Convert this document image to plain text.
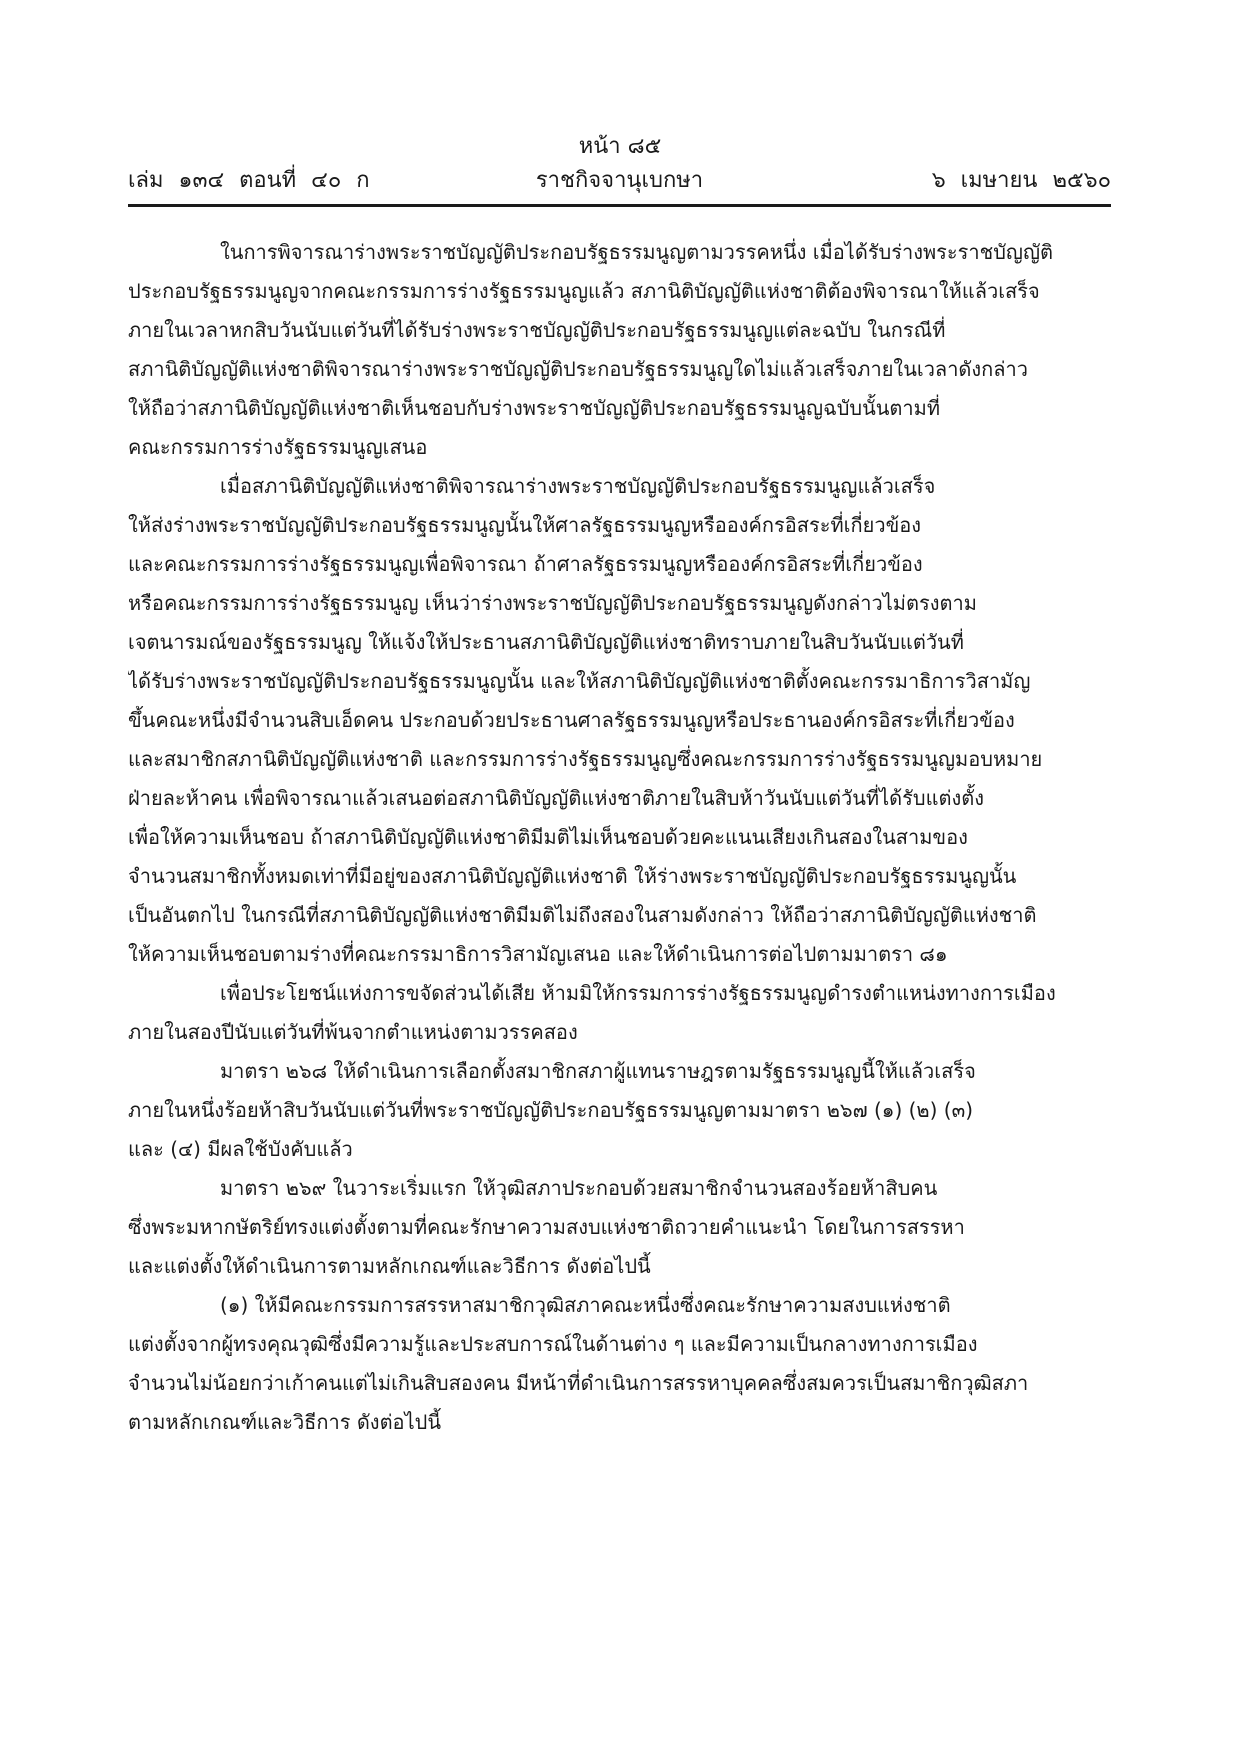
หน้า ๘๕
เล่ม ๑๓๔ ตอนที่ ๔๐ ก	ราชกิจจานุเบกษา	๖ เมษายน ๒๕๖๐
ในการพิจารณาร่างพระราชบัญญัติประกอบรัฐธรรมนูญตามวรรคหนึ่ง เมื่อได้รับร่างพระราชบัญญัติ
ประกอบรัฐธรรมนูญจากคณะกรรมการร่างรัฐธรรมนูญแล้ว สภานิติบัญญัติแห่งชาติต้องพิจารณาให้แล้วเสร็จ
ภายในเวลาหกสิบวันนับแต่วันที่ได้รับร่างพระราชบัญญัติประกอบรัฐธรรมนูญแต่ละฉบับ ในกรณีที่
สภานิติบัญญัติแห่งชาติพิจารณาร่างพระราชบัญญัติประกอบรัฐธรรมนูญใดไม่แล้วเสร็จภายในเวลาดังกล่าว
ให้ถือว่าสภานิติบัญญัติแห่งชาติเห็นชอบกับร่างพระราชบัญญัติประกอบรัฐธรรมนูญฉบับนั้นตามที่
คณะกรรมการร่างรัฐธรรมนูญเสนอ
เมื่อสภานิติบัญญัติแห่งชาติพิจารณาร่างพระราชบัญญัติประกอบรัฐธรรมนูญแล้วเสร็จ
ให้ส่งร่างพระราชบัญญัติประกอบรัฐธรรมนูญนั้นให้ศาลรัฐธรรมนูญหรือองค์กรอิสระที่เกี่ยวข้อง
และคณะกรรมการร่างรัฐธรรมนูญเพื่อพิจารณา ถ้าศาลรัฐธรรมนูญหรือองค์กรอิสระที่เกี่ยวข้อง
หรือคณะกรรมการร่างรัฐธรรมนูญ เห็นว่าร่างพระราชบัญญัติประกอบรัฐธรรมนูญดังกล่าวไม่ตรงตาม
เจตนารมณ์ของรัฐธรรมนูญ ให้แจ้งให้ประธานสภานิติบัญญัติแห่งชาติทราบภายในสิบวันนับแต่วันที่
ได้รับร่างพระราชบัญญัติประกอบรัฐธรรมนูญนั้น และให้สภานิติบัญญัติแห่งชาติตั้งคณะกรรมาธิการวิสามัญ
ขึ้นคณะหนึ่งมีจำนวนสิบเอ็ดคน ประกอบด้วยประธานศาลรัฐธรรมนูญหรือประธานองค์กรอิสระที่เกี่ยวข้อง
และสมาชิกสภานิติบัญญัติแห่งชาติ และกรรมการร่างรัฐธรรมนูญซึ่งคณะกรรมการร่างรัฐธรรมนูญมอบหมาย
ฝ่ายละห้าคน เพื่อพิจารณาแล้วเสนอต่อสภานิติบัญญัติแห่งชาติภายในสิบห้าวันนับแต่วันที่ได้รับแต่งตั้ง
เพื่อให้ความเห็นชอบ ถ้าสภานิติบัญญัติแห่งชาติมีมติไม่เห็นชอบด้วยคะแนนเสียงเกินสองในสามของ
จำนวนสมาชิกทั้งหมดเท่าที่มีอยู่ของสภานิติบัญญัติแห่งชาติ ให้ร่างพระราชบัญญัติประกอบรัฐธรรมนูญนั้น
เป็นอันตกไป ในกรณีที่สภานิติบัญญัติแห่งชาติมีมติไม่ถึงสองในสามดังกล่าว ให้ถือว่าสภานิติบัญญัติแห่งชาติ
ให้ความเห็นชอบตามร่างที่คณะกรรมาธิการวิสามัญเสนอ และให้ดำเนินการต่อไปตามมาตรา ๘๑
เพื่อประโยชน์แห่งการขจัดส่วนได้เสีย ห้ามมิให้กรรมการร่างรัฐธรรมนูญดำรงตำแหน่งทางการเมือง
ภายในสองปีนับแต่วันที่พ้นจากตำแหน่งตามวรรคสอง
มาตรา ๒๖๘ ให้ดำเนินการเลือกตั้งสมาชิกสภาผู้แทนราษฎรตามรัฐธรรมนูญนี้ให้แล้วเสร็จ
ภายในหนึ่งร้อยห้าสิบวันนับแต่วันที่พระราชบัญญัติประกอบรัฐธรรมนูญตามมาตรา ๒๖๗ (๑) (๒) (๓)
และ (๔) มีผลใช้บังคับแล้ว
มาตรา ๒๖๙ ในวาระเริ่มแรก ให้วุฒิสภาประกอบด้วยสมาชิกจำนวนสองร้อยห้าสิบคน
ซึ่งพระมหากษัตริย์ทรงแต่งตั้งตามที่คณะรักษาความสงบแห่งชาติถวายคำแนะนำ โดยในการสรรหา
และแต่งตั้งให้ดำเนินการตามหลักเกณฑ์และวิธีการ ดังต่อไปนี้
(๑) ให้มีคณะกรรมการสรรหาสมาชิกวุฒิสภาคณะหนึ่งซึ่งคณะรักษาความสงบแห่งชาติ
แต่งตั้งจากผู้ทรงคุณวุฒิซึ่งมีความรู้และประสบการณ์ในด้านต่าง ๆ และมีความเป็นกลางทางการเมือง
จำนวนไม่น้อยกว่าเก้าคนแต่ไม่เกินสิบสองคน มีหน้าที่ดำเนินการสรรหาบุคคลซึ่งสมควรเป็นสมาชิกวุฒิสภา
ตามหลักเกณฑ์และวิธีการ ดังต่อไปนี้
